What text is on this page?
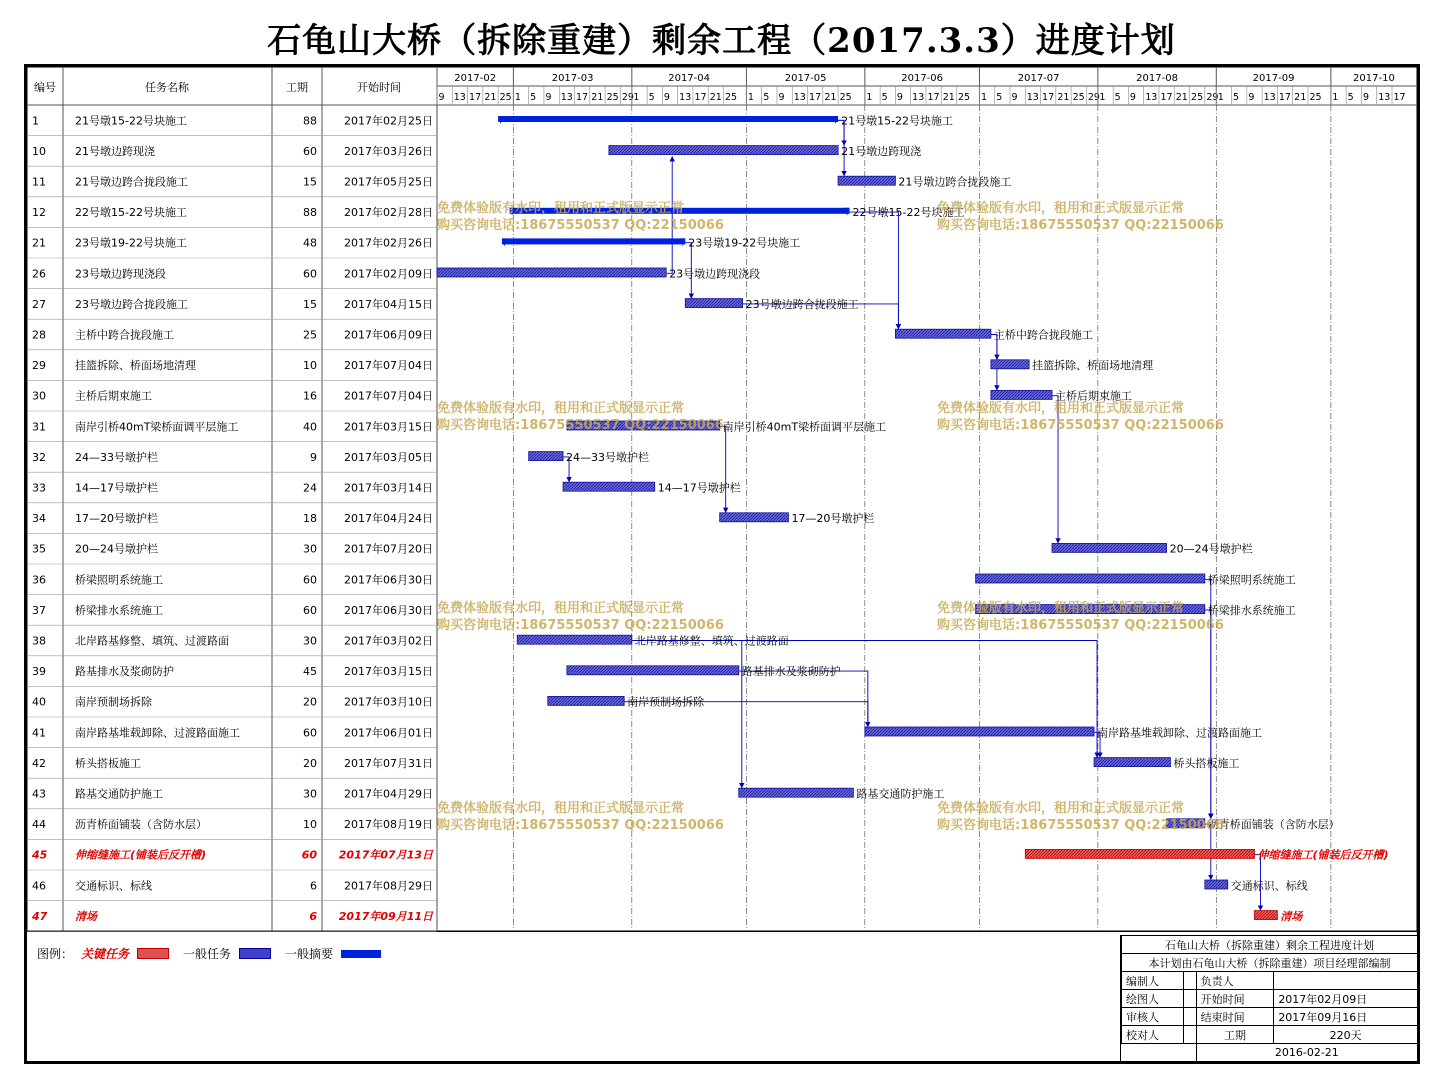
石龟山大桥（拆除重建）剩余工程（2017.3.3）进度计划
编号	任务名称	工期	开始时间
2017-02
9 13 17 21 25
2017-03
1 5 9 13 17 21 25 29
2017-04
1 5 9 13 17 21 25
2017-05
1 5 9 13 17 21 25
2017-06
1 5 9 13 17 21 25
2017-07
1 5 9 13 17 21 25 29
2017-08
1 5 9 13 17 21 25 29
2017-09
1 5 9 13 17 21 25
2017-10
1 5 9 13 17
1	21号墩15-22号块施工	88 2017年02月25日
10	21号墩边跨现浇	60 2017年03月26日
11	21号墩边跨合拢段施工	15 2017年05月25日
12	22号墩15-22号块施工	88 2017年02月28日
21	23号墩19-22号块施工	48 2017年02月26日
26	23号墩边跨现浇段	60 2017年02月09日
27	23号墩边跨合拢段施工	15 2017年04月15日
28	主桥中跨合拢段施工	25 2017年06月09日
29	挂篮拆除、桥面场地清理	10 2017年07月04日
30	主桥后期束施工	16 2017年07月04日
31	南岸引桥40mT梁桥面调平层施工	40 2017年03月15日
32	24—33号墩护栏	9 2017年03月05日
33	14—17号墩护栏	24 2017年03月14日
34	17—20号墩护栏	18 2017年04月24日
35	20—24号墩护栏	30 2017年07月20日
36	桥梁照明系统施工	60 2017年06月30日
37	桥梁排水系统施工	60 2017年06月30日
38	北岸路基修整、填筑、过渡路面	30 2017年03月02日
39	路基排水及浆砌防护	45 2017年03月15日
40	南岸预制场拆除	20 2017年03月10日
41	南岸路基堆载卸除、过渡路面施工	60 2017年06月01日
42	桥头搭板施工	20 2017年07月31日
43	路基交通防护施工	30 2017年04月29日
44	沥青桥面铺装（含防水层）	10 2017年08月19日
45	伸缩缝施工(铺装后反开槽)	60 2017年07月13日
46	交通标识、标线	6 2017年08月29日
47	清场	6 2017年09月11日
21号墩15-22号块施工
21号墩边跨现浇
21号墩边跨合拢段施工
22号墩15-22号块施工
23号墩19-22号块施工
23号墩边跨现浇段
23号墩边跨合拢段施工
主桥中跨合拢段施工
挂篮拆除、桥面场地清理
主桥后期束施工
南岸引桥40mT梁桥面调平层施工
24—33号墩护栏
14—17号墩护栏
17—20号墩护栏
20—24号墩护栏
桥梁照明系统施工
桥梁排水系统施工
北岸路基修整、填筑、过渡路面
路基排水及浆砌防护
南岸预制场拆除
南岸路基堆载卸除、过渡路面施工
桥头搭板施工
路基交通防护施工
沥青桥面铺装（含防水层）
伸缩缝施工(铺装后反开槽)
交通标识、标线
清场
免费体验版有水印，租用和正式版显示正常
购买咨询电话:18675550537 QQ:22150066
免费体验版有水印，租用和正式版显示正常
购买咨询电话:18675550537 QQ:22150066
免费体验版有水印，租用和正式版显示正常
购买咨询电话:18675550537 QQ:22150066
免费体验版有水印，租用和正式版显示正常
购买咨询电话:18675550537 QQ:22150066
免费体验版有水印，租用和正式版显示正常
购买咨询电话:18675550537 QQ:22150066
免费体验版有水印，租用和正式版显示正常
购买咨询电话:18675550537 QQ:22150066
免费体验版有水印，租用和正式版显示正常
购买咨询电话:18675550537 QQ:22150066
免费体验版有水印，租用和正式版显示正常
购买咨询电话:18675550537 QQ:22150066
图例： 关键任务	一般任务	一般摘要
石龟山大桥（拆除重建）剩余工程进度计划			
本计划由石龟山大桥（拆除重建）项目经理部编制			
编制人		负责人	
绘图人		开始时间	2017年02月09日
审核人		结束时间	2017年09月16日
校对人		工期	220天
		2016-02-21	
